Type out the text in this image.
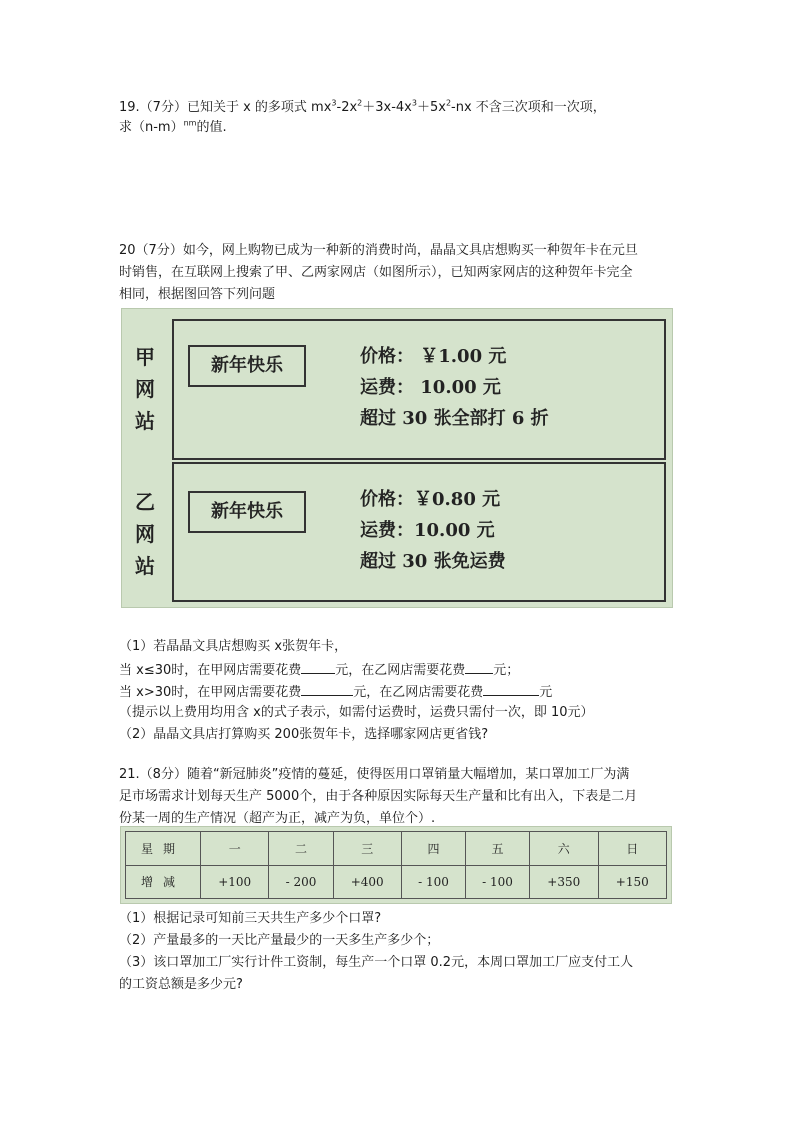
19.（7分）已知关于 x 的多项式 $mx^3-2x^2+3x-4x^3+5x^2-nx$ 不含三次项和一次项，
求$(n-m)^{nm}$的值.
20（7分）如今，网上购物已成为一种新的消费时尚，晶晶文具店想购买一种贺年卡在元旦
时销售，在互联网上搜索了甲、乙两家网店（如图所示），已知两家网店的这种贺年卡完全
相同，根据图回答下列问题
甲
网
站
新年快乐	价格： ￥1.00 元
运费： 10.00 元
超过 30 张全部打 6 折
乙
网
站
新年快乐
价格：￥0.80 元
运费：10.00 元
超过 30 张免运费
（1）若晶晶文具店想购买 x张贺年卡，
当 x≤30时，在甲网店需要花费	元，在乙网店需要花费 元；
当 x>30时，在甲网店需要花费	元，在乙网店需要花费	元
（提示以上费用均用含 x的式子表示，如需付运费时，运费只需付一次，即 10元）
（2）晶晶文具店打算购买 200张贺年卡，选择哪家网店更省钱?
21.（8分）随着“新冠肺炎”疫情的蔓延，使得医用口罩销量大幅增加，某口罩加工厂为满
足市场需求计划每天生产 5000个，由于各种原因实际每天生产量和比有出入，下表是二月
份某一周的生产情况（超产为正，减产为负，单位个）.
星期	一	二	三	四	五	六	日
增减	+100	- 200	+400	- 100	- 100	+350	+150
（1）根据记录可知前三天共生产多少个口罩?
（2）产量最多的一天比产量最少的一天多生产多少个；
（3）该口罩加工厂实行计件工资制，每生产一个口罩 0.2元，本周口罩加工厂应支付工人
的工资总额是多少元?
